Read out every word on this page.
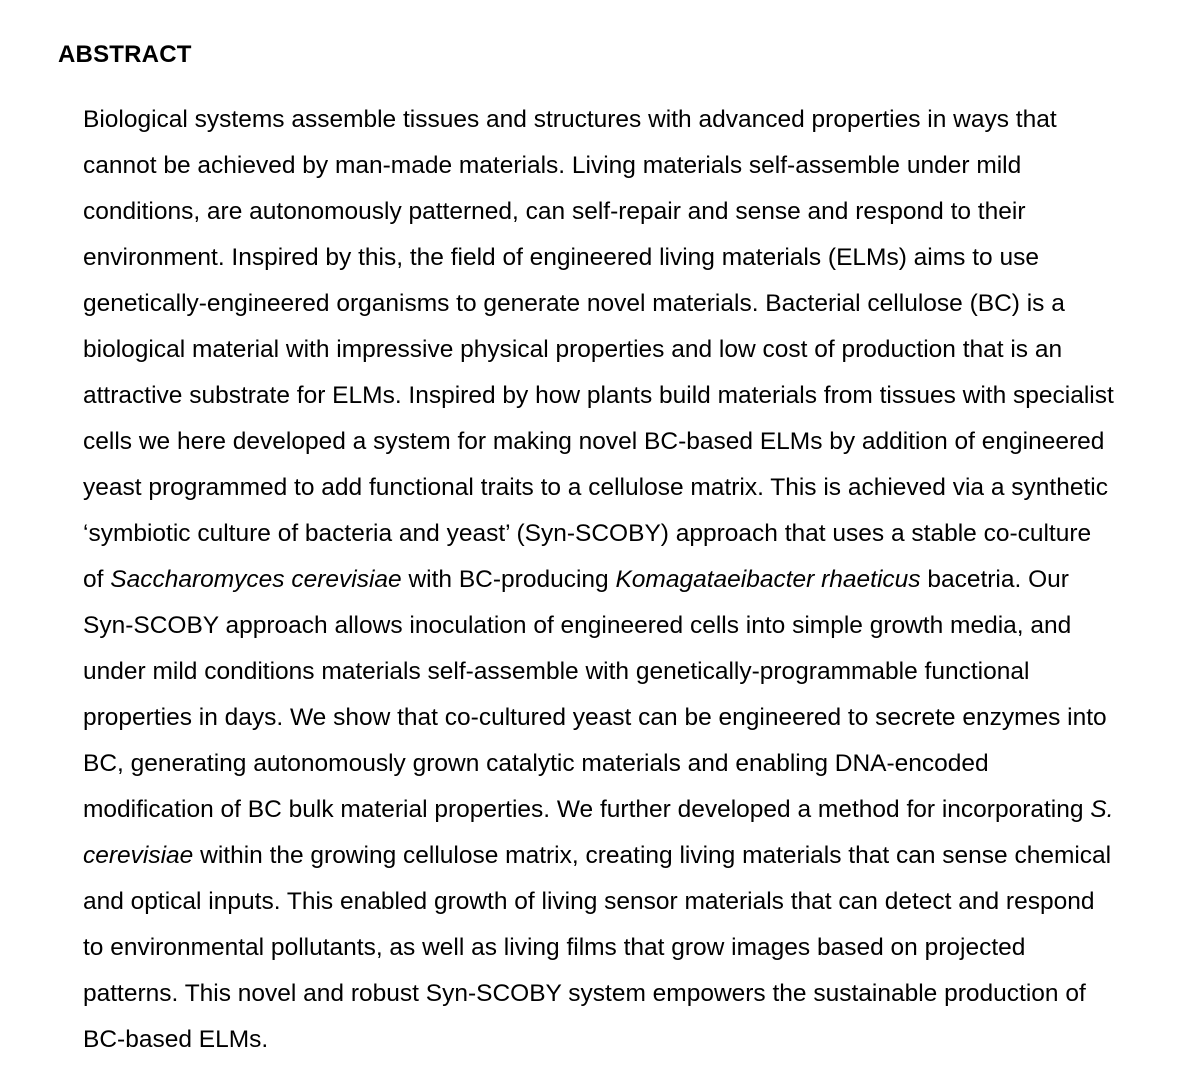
ABSTRACT
Biological systems assemble tissues and structures with advanced properties in ways that
cannot be achieved by man-made materials. Living materials self-assemble under mild
conditions, are autonomously patterned, can self-repair and sense and respond to their
environment. Inspired by this, the field of engineered living materials (ELMs) aims to use
genetically-engineered organisms to generate novel materials. Bacterial cellulose (BC) is a
biological material with impressive physical properties and low cost of production that is an
attractive substrate for ELMs. Inspired by how plants build materials from tissues with specialist
cells we here developed a system for making novel BC-based ELMs by addition of engineered
yeast programmed to add functional traits to a cellulose matrix. This is achieved via a synthetic
‘symbiotic culture of bacteria and yeast’ (Syn-SCOBY) approach that uses a stable co-culture
of Saccharomyces cerevisiae with BC-producing Komagataeibacter rhaeticus bacetria. Our
Syn-SCOBY approach allows inoculation of engineered cells into simple growth media, and
under mild conditions materials self-assemble with genetically-programmable functional
properties in days. We show that co-cultured yeast can be engineered to secrete enzymes into
BC, generating autonomously grown catalytic materials and enabling DNA-encoded
modification of BC bulk material properties. We further developed a method for incorporating S.
cerevisiae within the growing cellulose matrix, creating living materials that can sense chemical
and optical inputs. This enabled growth of living sensor materials that can detect and respond
to environmental pollutants, as well as living films that grow images based on projected
patterns. This novel and robust Syn-SCOBY system empowers the sustainable production of
BC-based ELMs.
